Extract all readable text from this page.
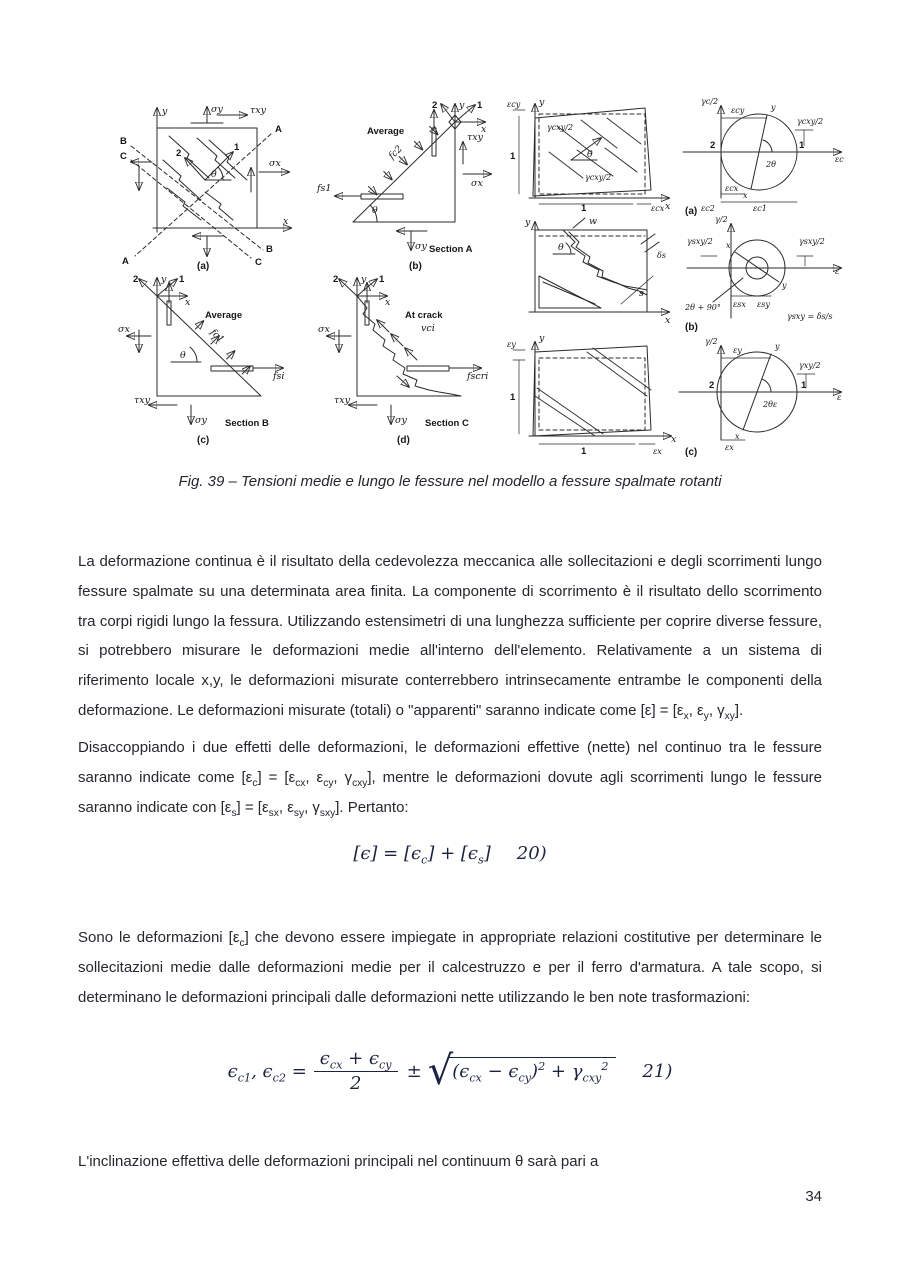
y
x
σy	τxy
σx
1
2
θ
A
B
C
A
B
C
(a)
Average
y
x
1
2
fc2
fs1
θ
τxy
σx
σy Section A
(b)
2 y 1
x
Average
σx	fc1
θ
fsi
τxy
σy Section B
(c)
2 y 1
x
At crack
vci
σx
fscri
τxy
σy Section C
(d)
εcy y
γcxy/2
θ
γcxy/2
1
1	x
εcx
γc/2
εc
2	1
y
x
2θ
εcy
γcxy/2
εcx
εc2	εc1
(a)
y	w
θ
δs
s
x
γ/2
ε
x
y
γsxy/2	γsxy/2
2θ + 90° εsx εsy
γsxy = δs/s
(b)
εy
y
1
1	εx
x
γ/2
ε
2	1
y
x
2θε
εy
γxy/2
εx
(c)
Fig. 39 – Tensioni medie e lungo le fessure nel modello a fessure spalmate rotanti
La deformazione continua è il risultato della cedevolezza meccanica alle sollecitazioni e degli scorrimenti lungo fessure spalmate su una determinata area finita. La componente di scorrimento è il risultato dello scorrimento tra corpi rigidi lungo la fessura. Utilizzando estensimetri di una lunghezza sufficiente per coprire diverse fessure, si potrebbero misurare le deformazioni medie all'interno dell'elemento. Relativamente a un sistema di riferimento locale x,y, le deformazioni misurate conterrebbero intrinsecamente entrambe le componenti della deformazione. Le deformazioni misurate (totali) o "apparenti" saranno indicate come $[\varepsilon] = [\varepsilon_x$, $\varepsilon_y$, $\gamma_{xy}$].
Disaccoppiando i due effetti delle deformazioni, le deformazioni effettive (nette) nel continuo tra le fessure saranno indicate come $[\varepsilon_c] = [\varepsilon_{cx}$, $\varepsilon_{cy}$, $\gamma_{cxy}$], mentre le deformazioni dovute agli scorrimenti lungo le fessure saranno indicate con $[\varepsilon_s] = [\varepsilon_{sx}$, $\varepsilon_{sy}$, $\gamma_{sxy}$]. Pertanto:
$[\epsilon] = [\epsilon_c] + [\epsilon_s]$ 20)
Sono le deformazioni $[\varepsilon_c]$ che devono essere impiegate in appropriate relazioni costitutive per determinare le sollecitazioni medie dalle deformazioni medie per il calcestruzzo e per il ferro d'armatura. A tale scopo, si determinano le deformazioni principali dalle deformazioni nette utilizzando le ben note trasformazioni:
$\epsilon_{c1}$, $\epsilon_{c2} = \frac{\epsilon_{cx} + \epsilon_{cy}}{2}$ ± √ $(\epsilon_{cx} - \epsilon_{cy})^2 + \gamma_{cxy}^2$	21)
L'inclinazione effettiva delle deformazioni principali nel continuum θ sarà pari a
34
